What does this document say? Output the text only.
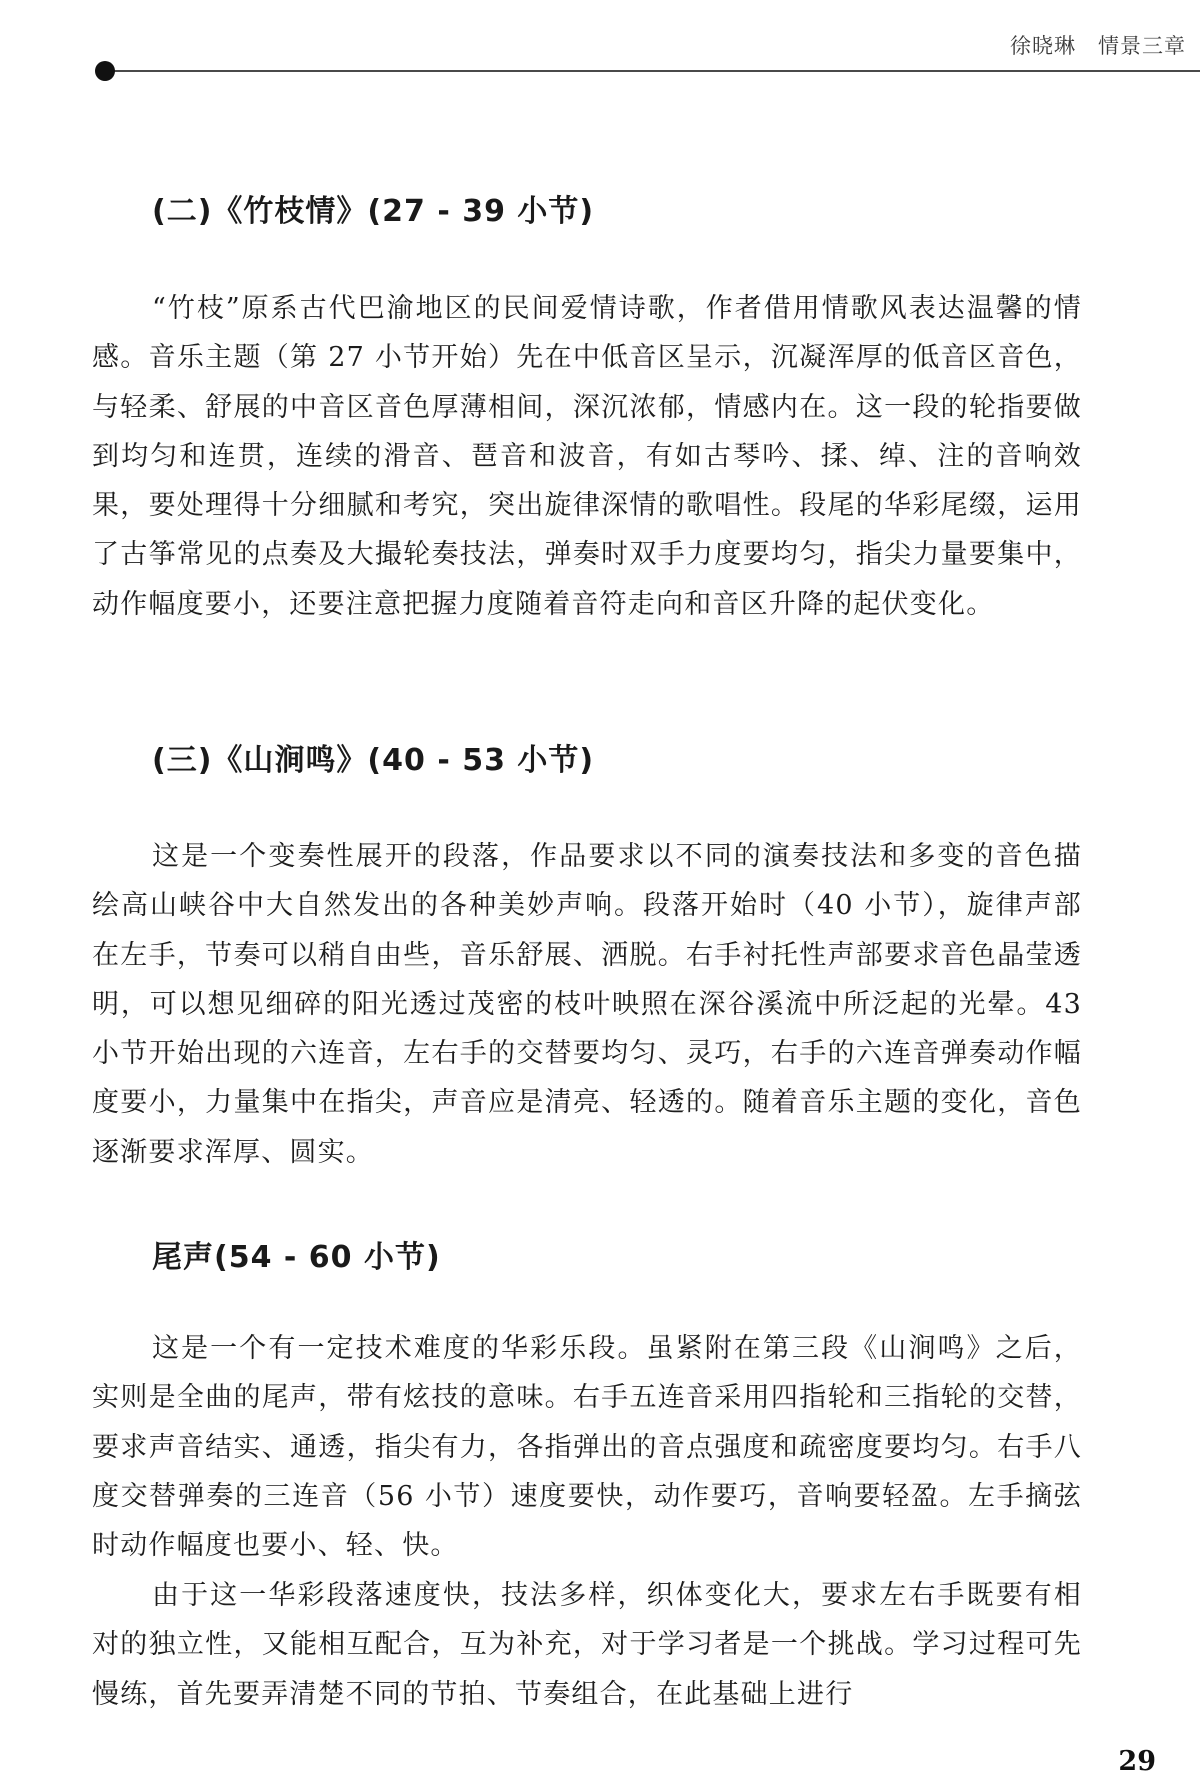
徐晓琳 情景三章
(二)《竹枝情》(27 - 39 小节)

“竹枝”原系古代巴渝地区的民间爱情诗歌，作者借用情歌风表达温馨的情感。音乐主题（第 27 小节开始）先在中低音区呈示，沉凝浑厚的低音区音色，与轻柔、舒展的中音区音色厚薄相间，深沉浓郁，情感内在。这一段的轮指要做到均匀和连贯，连续的滑音、琶音和波音，有如古琴吟、揉、绰、注的音响效果，要处理得十分细腻和考究，突出旋律深情的歌唱性。段尾的华彩尾缀，运用了古筝常见的点奏及大撮轮奏技法，弹奏时双手力度要均匀，指尖力量要集中，动作幅度要小，还要注意把握力度随着音符走向和音区升降的起伏变化。

(三)《山涧鸣》(40 - 53 小节)

这是一个变奏性展开的段落，作品要求以不同的演奏技法和多变的音色描绘高山峡谷中大自然发出的各种美妙声响。段落开始时（40 小节），旋律声部在左手，节奏可以稍自由些，音乐舒展、洒脱。右手衬托性声部要求音色晶莹透明，可以想见细碎的阳光透过茂密的枝叶映照在深谷溪流中所泛起的光晕。43 小节开始出现的六连音，左右手的交替要均匀、灵巧，右手的六连音弹奏动作幅度要小，力量集中在指尖，声音应是清亮、轻透的。随着音乐主题的变化，音色逐渐要求浑厚、圆实。

尾声(54 - 60 小节)

这是一个有一定技术难度的华彩乐段。虽紧附在第三段《山涧鸣》之后，实则是全曲的尾声，带有炫技的意味。右手五连音采用四指轮和三指轮的交替，要求声音结实、通透，指尖有力，各指弹出的音点强度和疏密度要均匀。右手八度交替弹奏的三连音（56 小节）速度要快，动作要巧，音响要轻盈。左手摘弦时动作幅度也要小、轻、快。

由于这一华彩段落速度快，技法多样，织体变化大，要求左右手既要有相对的独立性，又能相互配合，互为补充，对于学习者是一个挑战。学习过程可先慢练，首先要弄清楚不同的节拍、节奏组合，在此基础上进行

29
